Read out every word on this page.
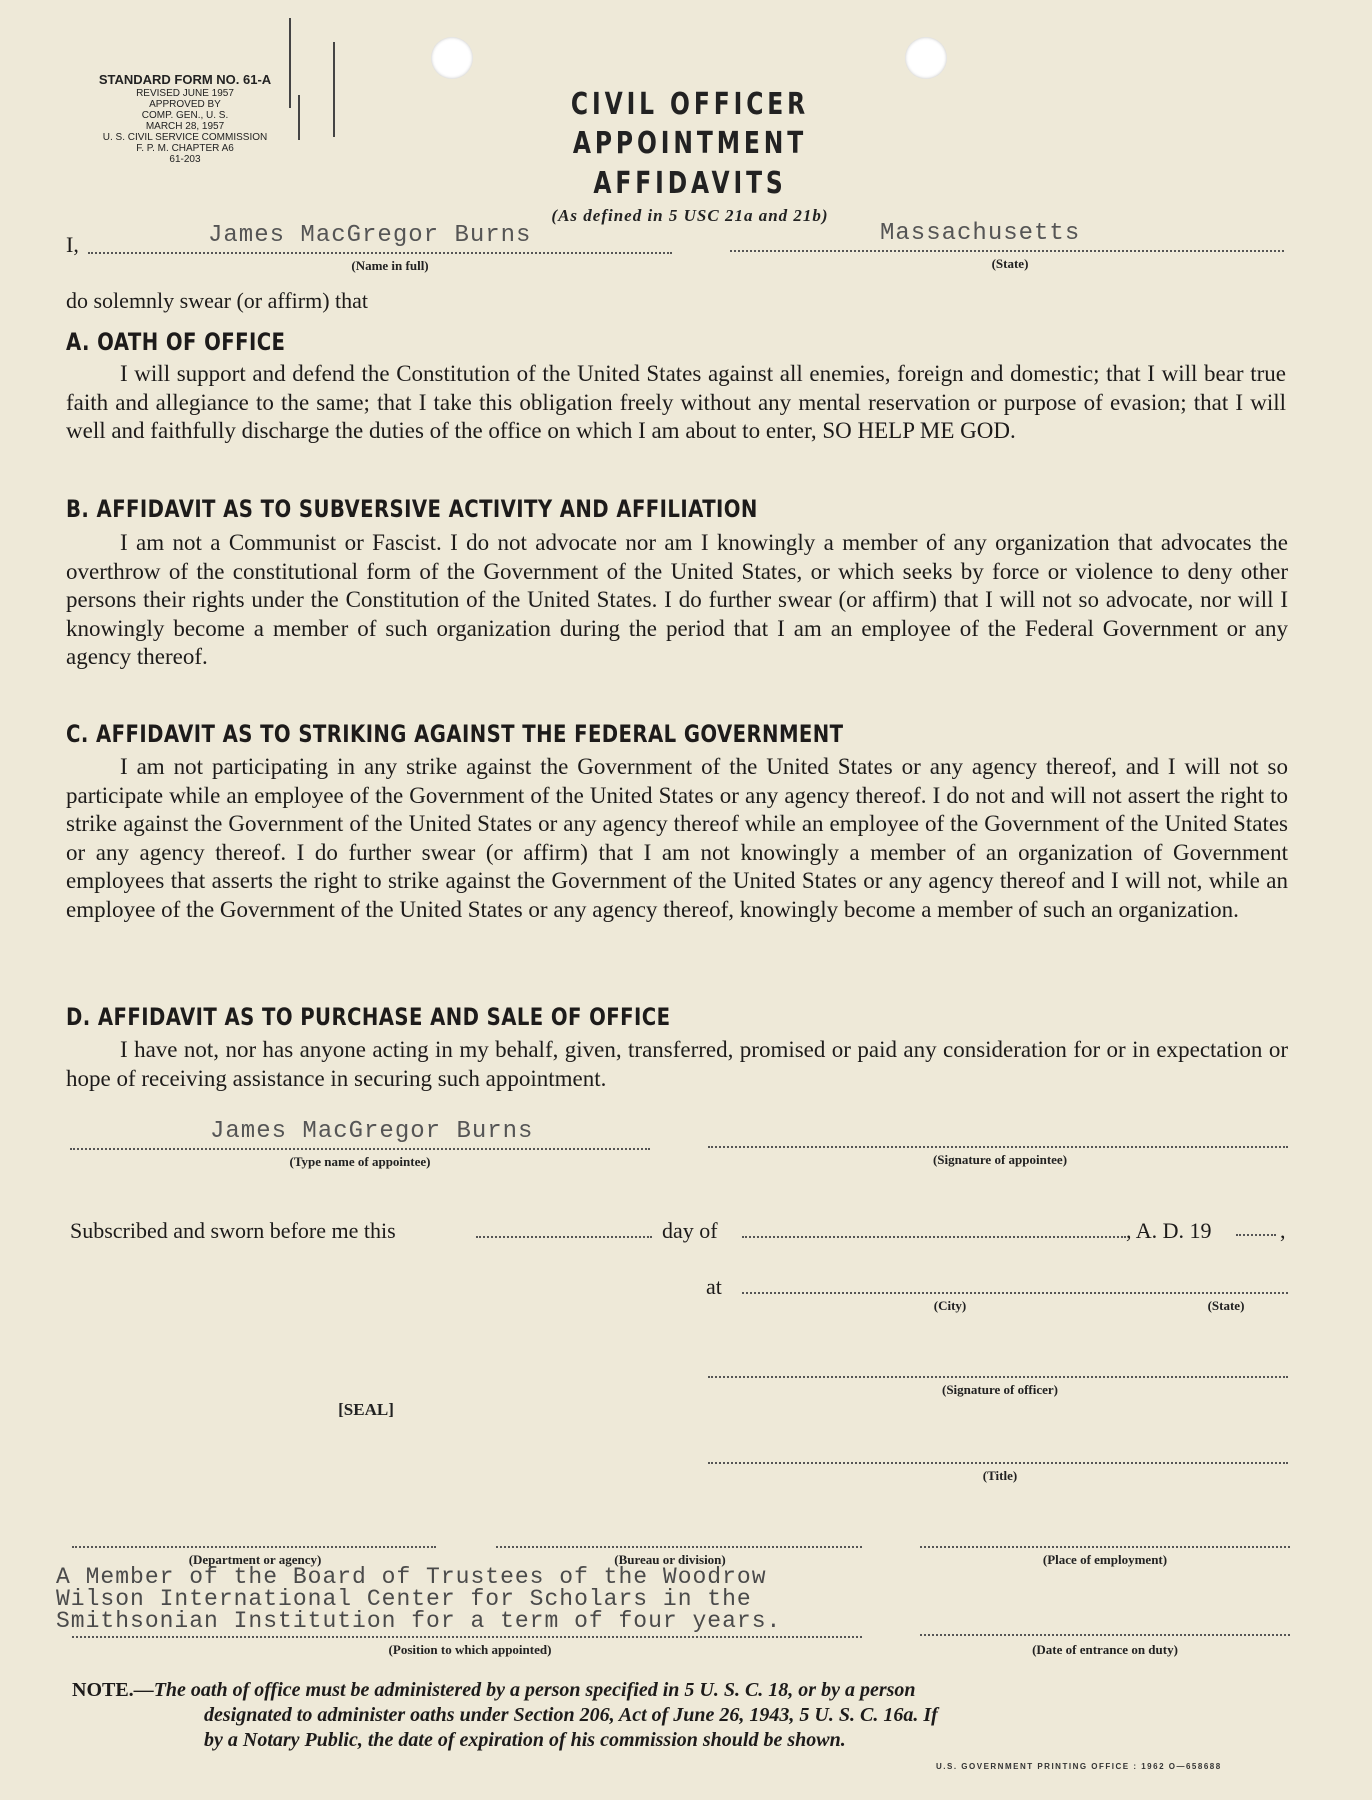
STANDARD FORM NO. 61-A
REVISED JUNE 1957
APPROVED BY
COMP. GEN., U. S.
MARCH 28, 1957
U. S. CIVIL SERVICE COMMISSION
F. P. M. CHAPTER A6
61-203
CIVIL OFFICER
APPOINTMENT AFFIDAVITS
(As defined in 5 USC 21a and 21b)
I,	James MacGregor Burns
(Name in full)
Massachusetts
(State)
do solemnly swear (or affirm) that
A. OATH OF OFFICE
I will support and defend the Constitution of the United States against all enemies, foreign and domestic; that I will bear true faith and allegiance to the same; that I take this obligation freely without any mental reservation or purpose of evasion; that I will well and faithfully discharge the duties of the office on which I am about to enter, SO HELP ME GOD.
B. AFFIDAVIT AS TO SUBVERSIVE ACTIVITY AND AFFILIATION
I am not a Communist or Fascist. I do not advocate nor am I knowingly a member of any organization that advocates the overthrow of the constitutional form of the Government of the United States, or which seeks by force or violence to deny other persons their rights under the Constitution of the United States. I do further swear (or affirm) that I will not so advocate, nor will I knowingly become a member of such organization during the period that I am an employee of the Federal Government or any agency thereof.
C. AFFIDAVIT AS TO STRIKING AGAINST THE FEDERAL GOVERNMENT
I am not participating in any strike against the Government of the United States or any agency thereof, and I will not so participate while an employee of the Government of the United States or any agency thereof. I do not and will not assert the right to strike against the Government of the United States or any agency thereof while an employee of the Government of the United States or any agency thereof. I do further swear (or affirm) that I am not knowingly a member of an organization of Government employees that asserts the right to strike against the Government of the United States or any agency thereof and I will not, while an employee of the Government of the United States or any agency thereof, knowingly become a member of such an organization.
D. AFFIDAVIT AS TO PURCHASE AND SALE OF OFFICE
I have not, nor has anyone acting in my behalf, given, transferred, promised or paid any consideration for or in expectation or hope of receiving assistance in securing such appointment.
James MacGregor Burns
(Type name of appointee)	(Signature of appointee)
Subscribed and sworn before me this	day of	, A. D. 19	,
at
(City)	(State)
(Signature of officer)
[SEAL]
(Title)
(Department or agency)	(Bureau or division)	(Place of employment)
A Member of the Board of Trustees of the Woodrow
Wilson International Center for Scholars in the
Smithsonian Institution for a term of four years.
(Position to which appointed)	(Date of entrance on duty)
NOTE.—The oath of office must be administered by a person specified in 5 U. S. C. 18, or by a person
designated to administer oaths under Section 206, Act of June 26, 1943, 5 U. S. C. 16a. If
by a Notary Public, the date of expiration of his commission should be shown.
U.S. GOVERNMENT PRINTING OFFICE : 1962 O—658688
